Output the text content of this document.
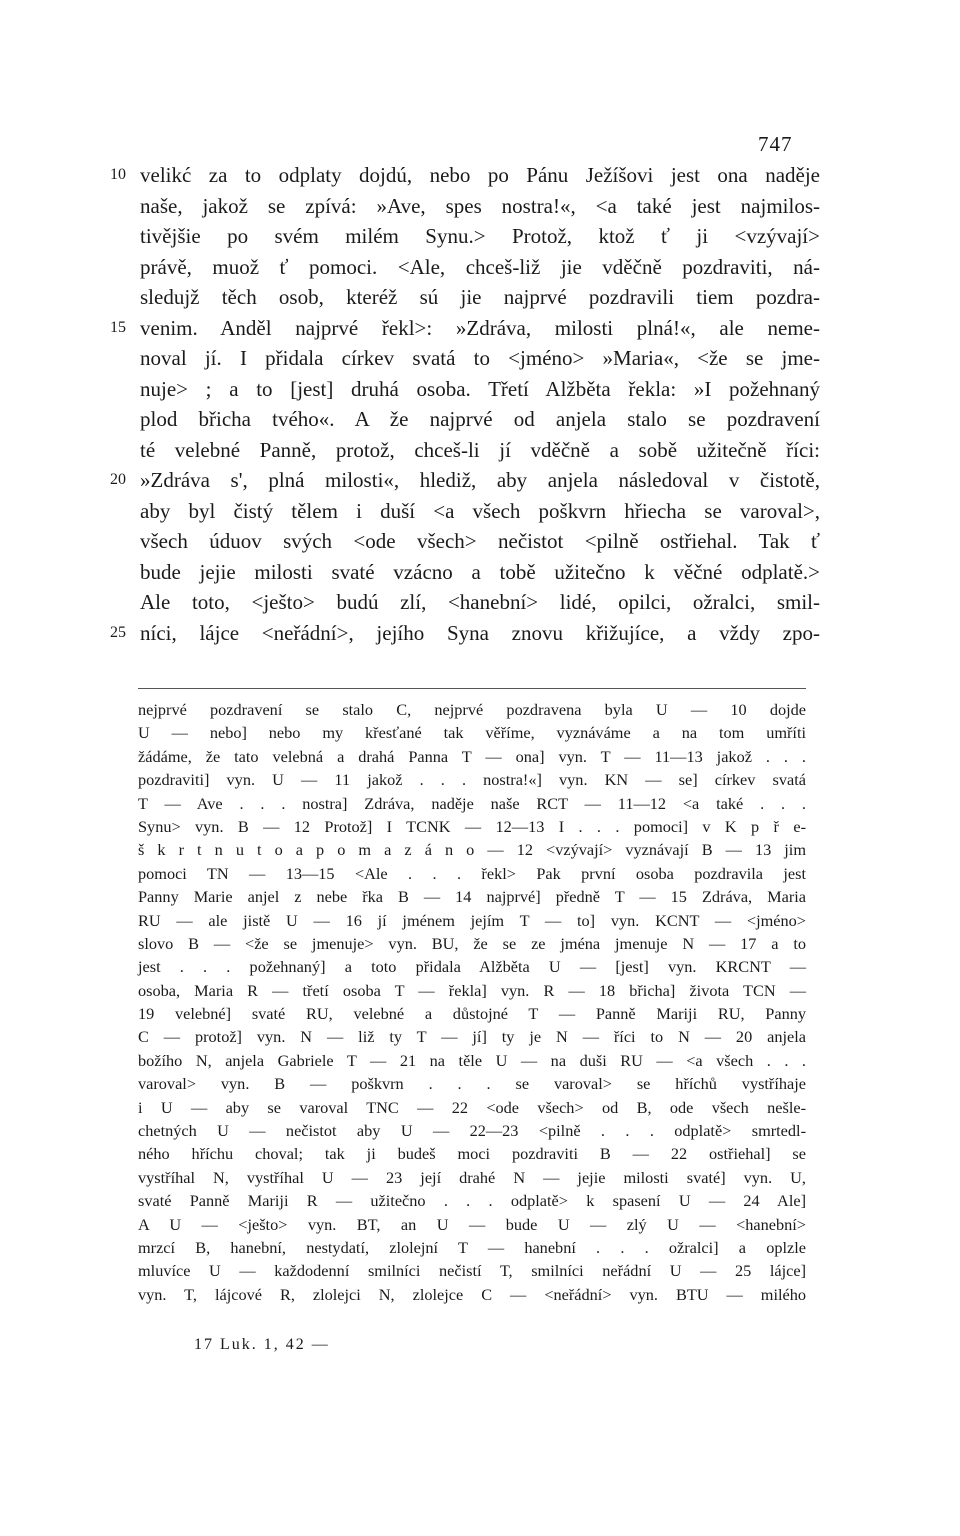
747
10 velikć za to odplaty dojdú, nebo po Pánu Ježíšovi jest ona naděje
naše, jakož se zpívá: »Ave, spes nostra!«, <a také jest najmilos-
tivějšie po svém milém Synu.> Protož, ktož ť ji <vzývají>
právě, muož ť pomoci. <Ale, chceš-liž jie vděčně pozdraviti, ná-
sledujž těch osob, kteréž sú jie najprvé pozdravili tiem pozdra-
15 venim. Anděl najprvé řekl>: »Zdráva, milosti plná!«, ale neme-
noval jí. I přidala církev svatá to <jméno> »Maria«, <že se jme-
nuje> ; a to [jest] druhá osoba. Třetí Alžběta řekla: »I požehnaný
plod břicha tvého«. A že najprvé od anjela stalo se pozdravení
té velebné Panně, protož, chceš-li jí vděčně a sobě užitečně říci:
20 »Zdráva s', plná milosti«, hlediž, aby anjela následoval v čistotě,
aby byl čistý tělem i duší <a všech poškvrn hřiecha se varoval>,
všech úduov svých <ode všech> nečistot <pilně ostřiehal. Tak ť
bude jejie milosti svaté vzácno a tobě užitečno k věčné odplatě.>
Ale toto, <ješto> budú zlí, <hanební> lidé, opilci, ožralci, smil-
25 níci, lájce <neřádní>, jejího Syna znovu křižujíce, a vždy zpo-
nejprvé pozdravení se stalo C, nejprvé pozdravena byla U — 10 dojde
U — nebo] nebo my křesťané tak věříme, vyznáváme a na tom umříti
žádáme, že tato velebná a drahá Panna T — ona] vyn. T — 11—13 jakož . . .
pozdraviti] vyn. U — 11 jakož . . . nostra!«] vyn. KN — se] církev svatá
T — Ave . . . nostra] Zdráva, naděje naše RCT — 11—12 <a také . . .
Synu> vyn. B — 12 Protož] I TCNK — 12—13 I . . . pomoci] v K p ř e-
š k r t n u t o a p o m a z á n o — 12 <vzývají> vyznávají B — 13 jim
pomoci TN — 13—15 <Ale . . . řekl> Pak první osoba pozdravila jest
Panny Marie anjel z nebe řka B — 14 najprvé] předně T — 15 Zdráva, Maria
RU — ale jistě U — 16 jí jménem jejím T — to] vyn. KCNT — <jméno>
slovo B — <že se jmenuje> vyn. BU, že se ze jména jmenuje N — 17 a to
jest . . . požehnaný] a toto přidala Alžběta U — [jest] vyn. KRCNT —
osoba, Maria R — třetí osoba T — řekla] vyn. R — 18 břicha] života TCN —
19 velebné] svaté RU, velebné a důstojné T — Panně Mariji RU, Panny
C — protož] vyn. N — liž ty T — jí] ty je N — říci to N — 20 anjela
božího N, anjela Gabriele T — 21 na těle U — na duši RU — <a všech . . .
varoval> vyn. B — poškvrn . . . se varoval> se hříchů vystříhaje
i U — aby se varoval TNC — 22 <ode všech> od B, ode všech nešle-
chetných U — nečistot aby U — 22—23 <pilně . . . odplatě> smrtedl-
ného hříchu choval; tak ji budeš moci pozdraviti B — 22 ostřiehal] se
vystříhal N, vystříhal U — 23 její drahé N — jejie milosti svaté] vyn. U,
svaté Panně Mariji R — užitečno . . . odplatě> k spasení U — 24 Ale]
A U — <ješto> vyn. BT, an U — bude U — zlý U — <hanební>
mrzcí B, hanební, nestydatí, zlolejní T — hanební . . . ožralci] a oplzle
mluvíce U — každodenní smilníci nečistí T, smilníci neřádní U — 25 lájce]
vyn. T, lájcové R, zlolejci N, zlolejce C — <neřádní> vyn. BTU — milého
17 Luk. 1, 42 —
